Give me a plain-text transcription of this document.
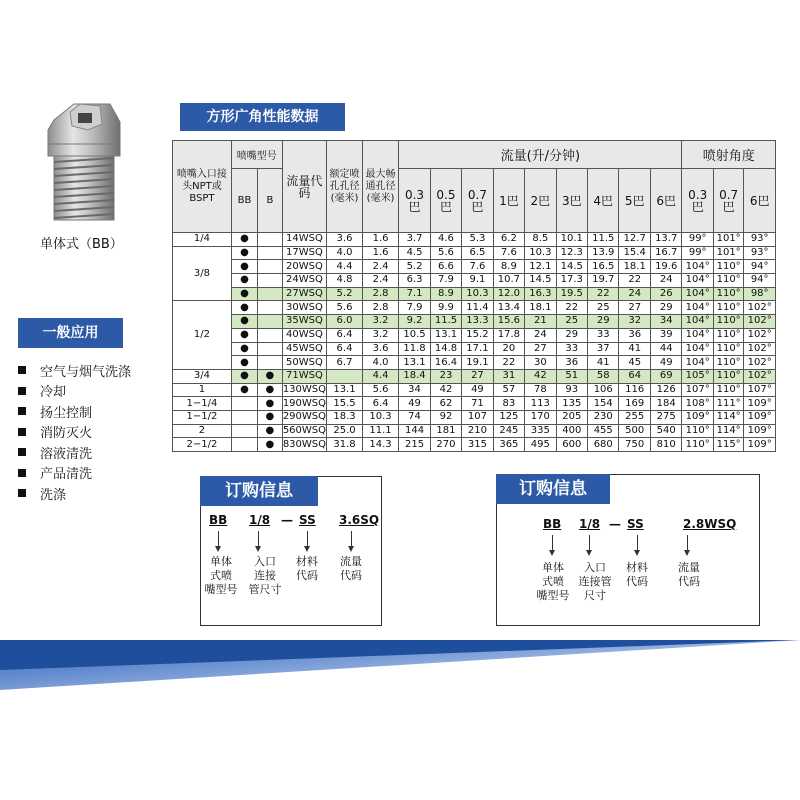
单体式（BB）
一般应用
空气与烟气洗涤
冷却
扬尘控制
消防灭火
溶液清洗
产品清洗
洗涤
方形广角性能数据
喷嘴入口接头NPT或BSPT	喷嘴型号		流量代码	额定喷孔孔径(毫米)	最大畅通孔径(毫米)	流量(升/分钟)									喷射角度		
	BB	B				0.3巴	0.5巴	0.7巴	1巴	2巴	3巴	4巴	5巴	6巴	0.3巴	0.7巴	6巴

1/4	●		14WSQ	3.6	1.6	3.7	4.6	5.3	6.2	8.5	10.1	11.5	12.7	13.7	99°	101°	93°
3/8	●		17WSQ	4.0	1.6	4.5	5.6	6.5	7.6	10.3	12.3	13.9	15.4	16.7	99°	101°	93°
	●		20WSQ	4.4	2.4	5.2	6.6	7.6	8.9	12.1	14.5	16.5	18.1	19.6	104°	110°	94°
	●		24WSQ	4.8	2.4	6.3	7.9	9.1	10.7	14.5	17.3	19.7	22	24	104°	110°	94°
	●		27WSQ	5.2	2.8	7.1	8.9	10.3	12.0	16.3	19.5	22	24	26	104°	110°	98°
1/2	●		30WSQ	5.6	2.8	7.9	9.9	11.4	13.4	18.1	22	25	27	29	104°	110°	102°
	●		35WSQ	6.0	3.2	9.2	11.5	13.3	15.6	21	25	29	32	34	104°	110°	102°
	●		40WSQ	6.4	3.2	10.5	13.1	15.2	17.8	24	29	33	36	39	104°	110°	102°
	●		45WSQ	6.4	3.6	11.8	14.8	17.1	20	27	33	37	41	44	104°	110°	102°
	●		50WSQ	6.7	4.0	13.1	16.4	19.1	22	30	36	41	45	49	104°	110°	102°
3/4	●	●	71WSQ		4.4	18.4	23	27	31	42	51	58	64	69	105°	110°	102°
1	●	●	130WSQ	13.1	5.6	34	42	49	57	78	93	106	116	126	107°	110°	107°
1−1/4		●	190WSQ	15.5	6.4	49	62	71	83	113	135	154	169	184	108°	111°	109°
1−1/2		●	290WSQ	18.3	10.3	74	92	107	125	170	205	230	255	275	109°	114°	109°
2		●	560WSQ	25.0	11.1	144	181	210	245	335	400	455	500	540	110°	114°	109°
2−1/2		●	830WSQ	31.8	14.3	215	270	315	365	495	600	680	750	810	110°	115°	109°
订购信息
BB 1/8 — SS 3.6SQ
单体
式喷
嘴型号
入口
连接
管尺寸
材料
代码
流量
代码
订购信息
BB 1/8 — SS	2.8WSQ
单体
式喷
嘴型号
入口
连接管
尺寸
材料
代码
流量
代码
